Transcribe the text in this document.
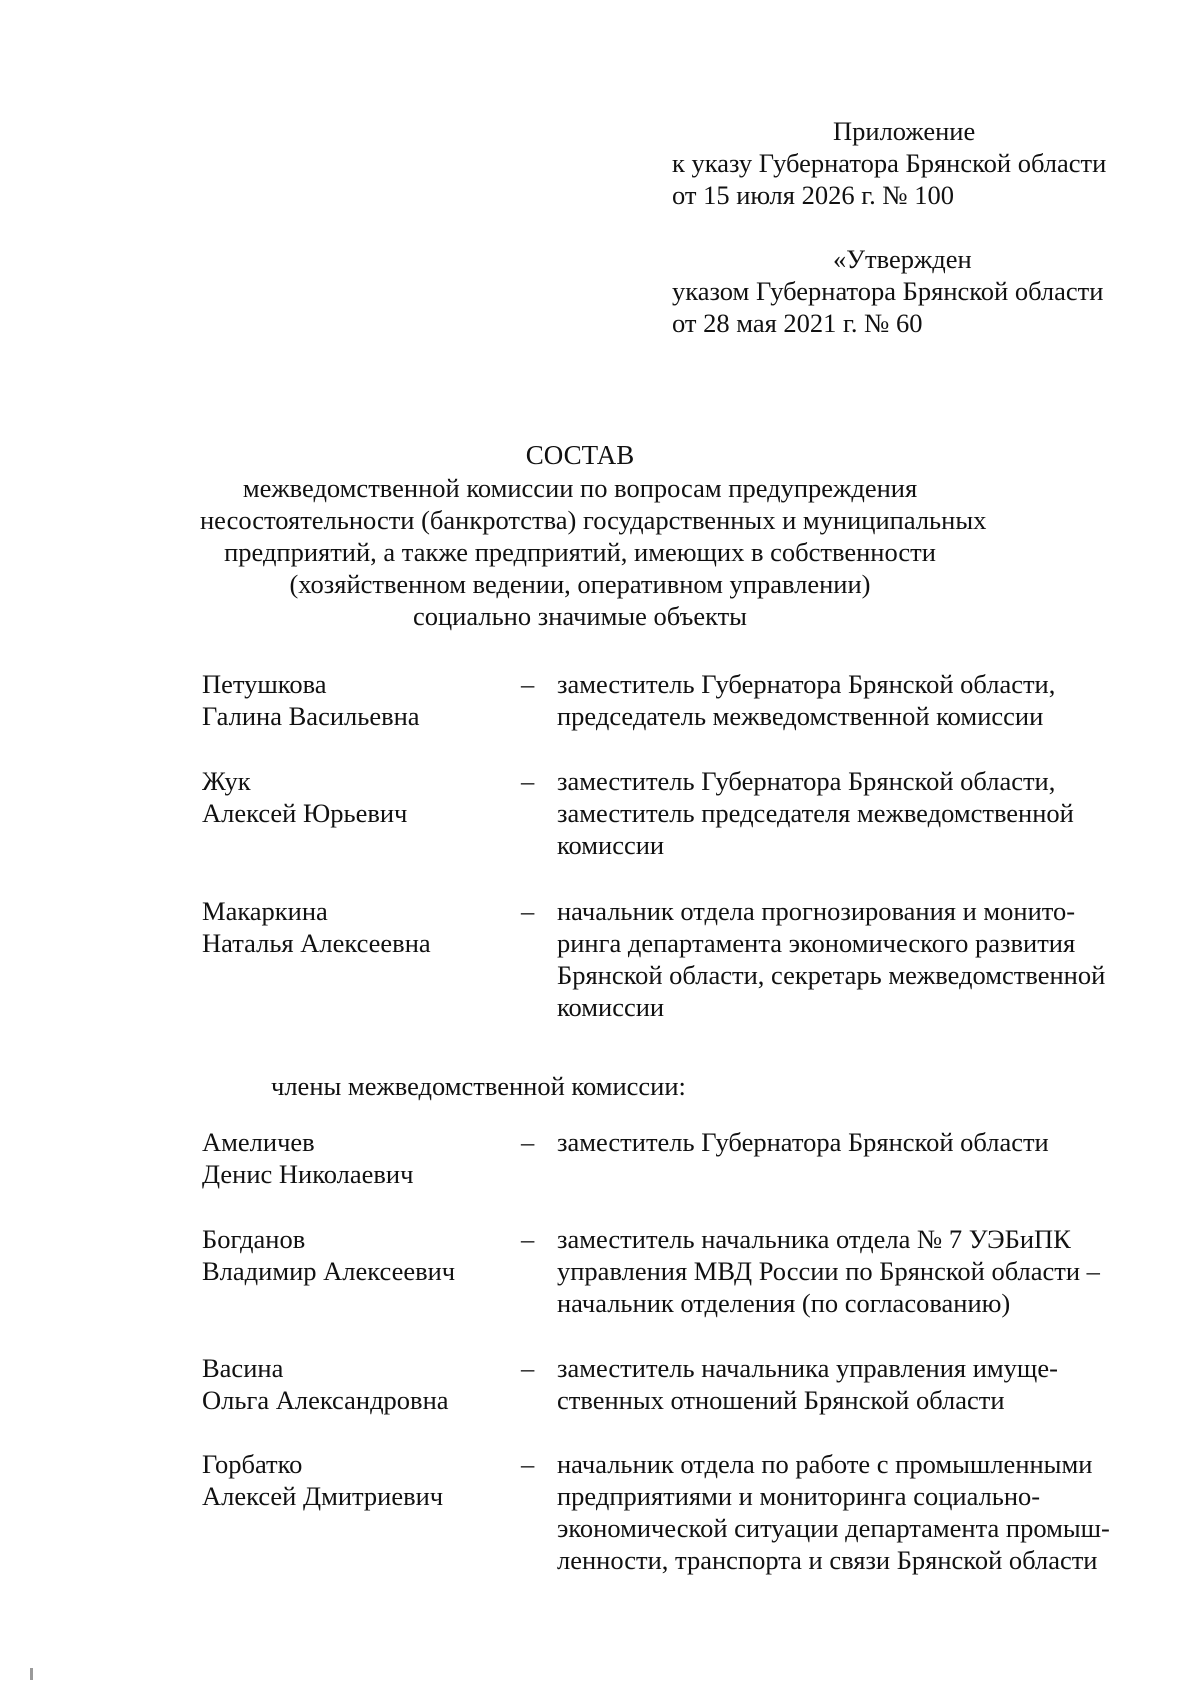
Приложение
к указу Губернатора Брянской области
от 15 июля 2026 г. № 100
«Утвержден
указом Губернатора Брянской области
от 28 мая 2021 г. № 60
СОСТАВ
межведомственной комиссии по вопросам предупреждения
несостоятельности (банкротства) государственных и муниципальных
предприятий, а также предприятий, имеющих в собственности
(хозяйственном ведении, оперативном управлении)
социально значимые объекты
Петушкова
Галина Васильевна
– заместитель Губернатора Брянской области,
председатель межведомственной комиссии
Жук
Алексей Юрьевич
– заместитель Губернатора Брянской области,
заместитель председателя межведомственной
комиссии
Макаркина
Наталья Алексеевна
– начальник отдела прогнозирования и монито-
ринга департамента экономического развития
Брянской области, секретарь межведомственной
комиссии
члены межведомственной комиссии:
Амеличев
Денис Николаевич
– заместитель Губернатора Брянской области
Богданов
Владимир Алексеевич
– заместитель начальника отдела № 7 УЭБиПК
управления МВД России по Брянской области –
начальник отделения (по согласованию)
Васина
Ольга Александровна
– заместитель начальника управления имуще-
ственных отношений Брянской области
Горбатко
Алексей Дмитриевич
– начальник отдела по работе с промышленными
предприятиями и мониторинга социально-
экономической ситуации департамента промыш-
ленности, транспорта и связи Брянской области
